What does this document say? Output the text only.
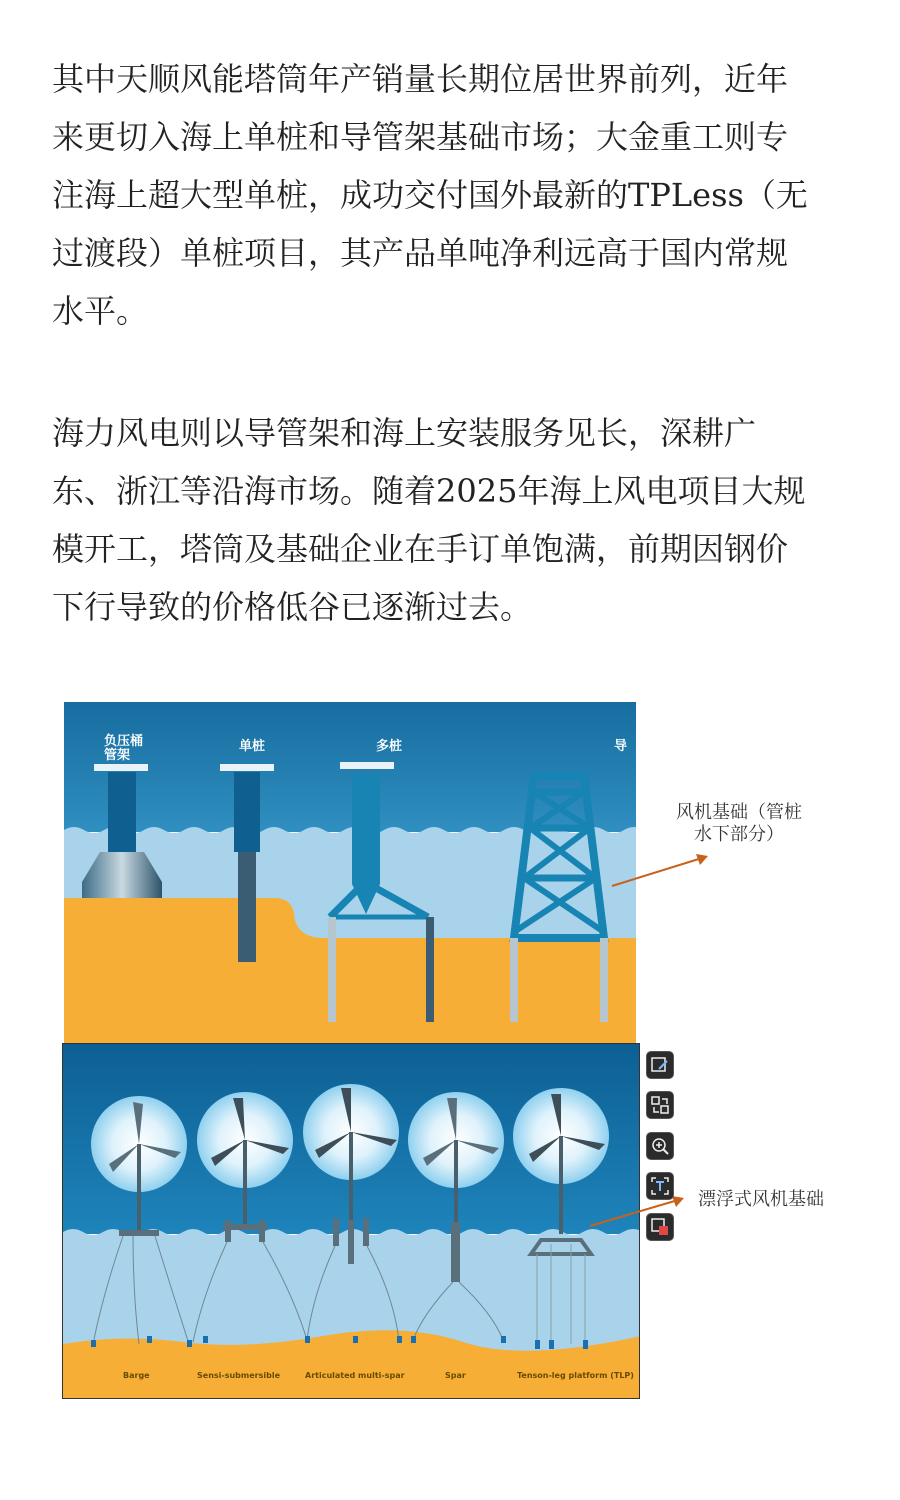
其中天顺风能塔筒年产销量长期位居世界前列，近年
来更切入海上单桩和导管架基础市场；大金重工则专
注海上超大型单桩，成功交付国外最新的TPLess（无
过渡段）单桩项目，其产品单吨净利远高于国内常规
水平。
海力风电则以导管架和海上安装服务见长，深耕广
东、浙江等沿海市场。随着2025年海上风电项目大规
模开工，塔筒及基础企业在手订单饱满，前期因钢价
下行导致的价格低谷已逐渐过去。
负压桶
管架
单桩	多桩	导
风机基础（管桩
水下部分）
Barge	Sensi-submersible	Articulated multi-spar	Spar	Tenson-leg platform (TLP)
漂浮式风机基础
